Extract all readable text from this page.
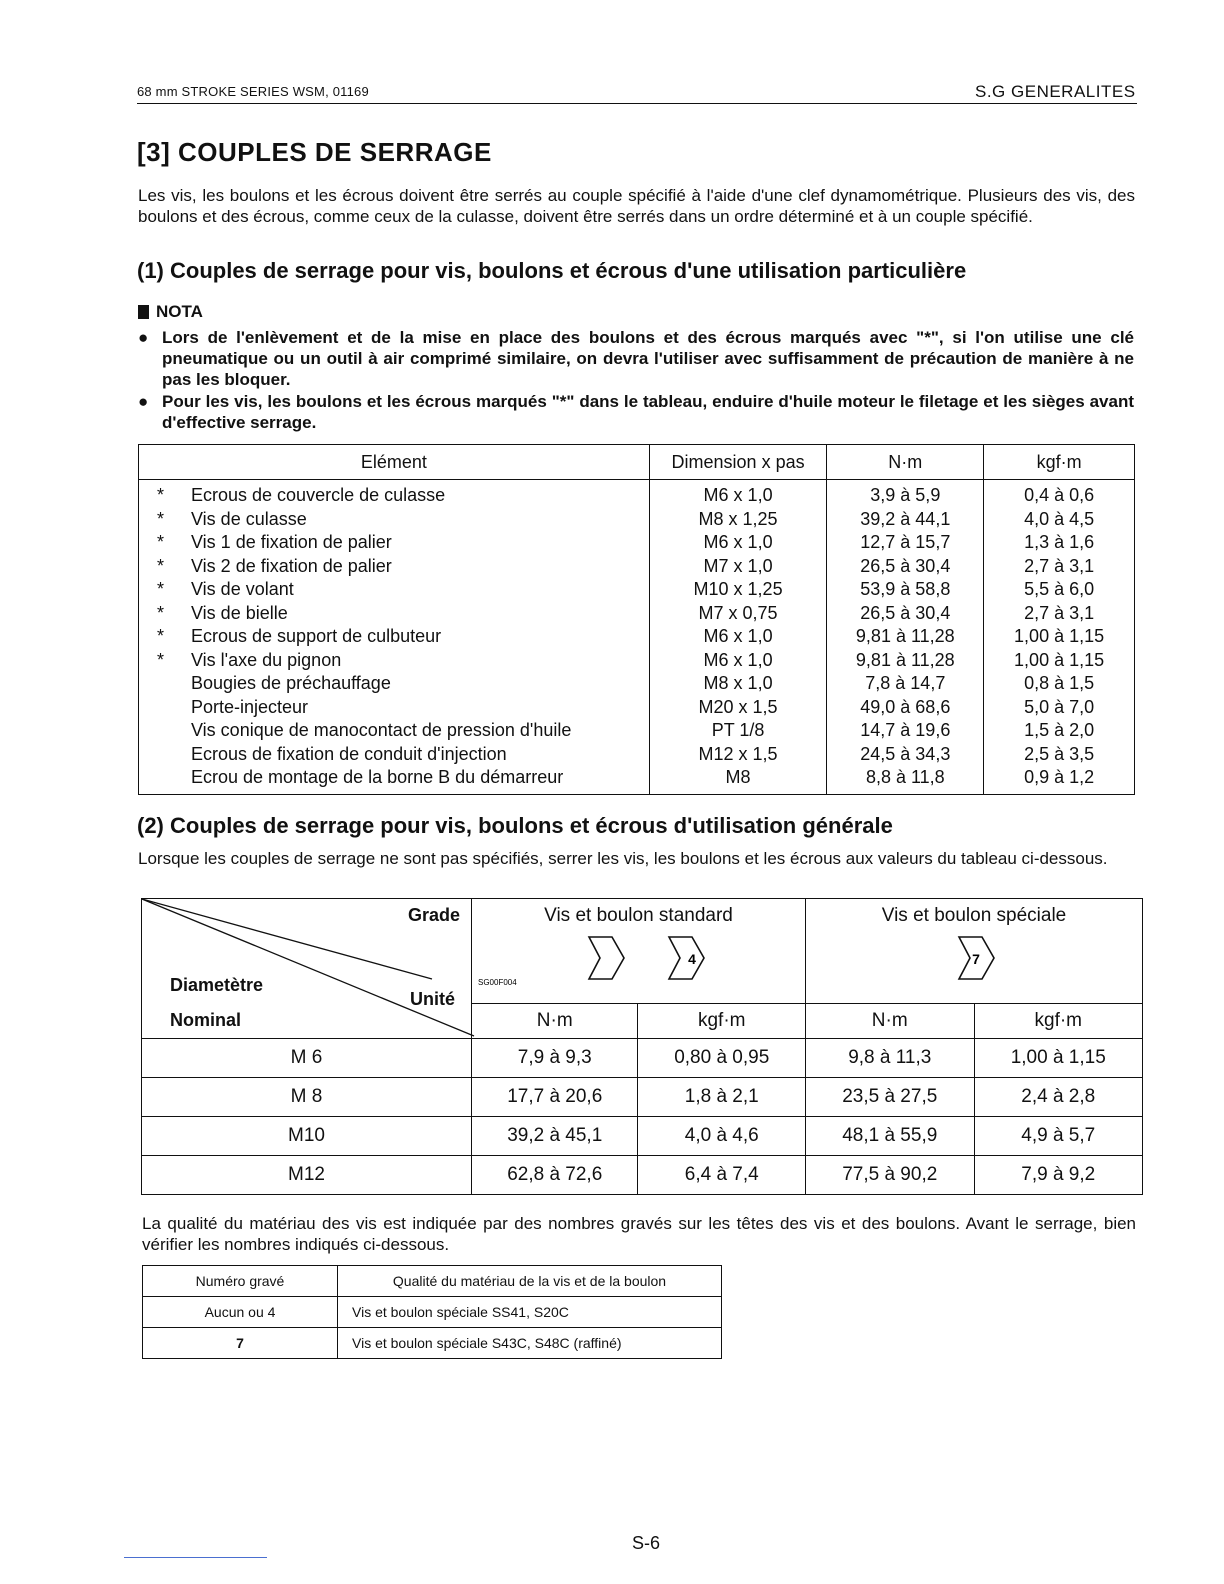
68 mm STROKE SERIES WSM, 01169	S.G GENERALITES
[3] COUPLES DE SERRAGE
Les vis, les boulons et les écrous doivent être serrés au couple spécifié à l'aide d'une clef dynamométrique. Plusieurs des vis, des boulons et des écrous, comme ceux de la culasse, doivent être serrés dans un ordre déterminé et à un couple spécifié.
(1) Couples de serrage pour vis, boulons et écrous d'une utilisation particulière
NOTA
● Lors de l'enlèvement et de la mise en place des boulons et des écrous marqués avec "*", si l'on utilise une clé pneumatique ou un outil à air comprimé similaire, on devra l'utiliser avec suffisamment de précaution de manière à ne pas les bloquer.
● Pour les vis, les boulons et les écrous marqués "*" dans le tableau, enduire d'huile moteur le filetage et les sièges avant d'effective serrage.
Elément	Dimension x pas	N·m	kgf·m

* Ecrous de couvercle de culasse	M6 x 1,0	3,9 à 5,9	0,4 à 0,6

* Vis de culasse	M8 x 1,25	39,2 à 44,1	4,0 à 4,5

* Vis 1 de fixation de palier	M6 x 1,0	12,7 à 15,7	1,3 à 1,6

* Vis 2 de fixation de palier	M7 x 1,0	26,5 à 30,4	2,7 à 3,1

* Vis de volant	M10 x 1,25	53,9 à 58,8	5,5 à 6,0

* Vis de bielle	M7 x 0,75	26,5 à 30,4	2,7 à 3,1

* Ecrous de support de culbuteur	M6 x 1,0	9,81 à 11,28	1,00 à 1,15

* Vis l'axe du pignon	M6 x 1,0	9,81 à 11,28	1,00 à 1,15

Bougies de préchauffage	M8 x 1,0	7,8 à 14,7	0,8 à 1,5

Porte-injecteur	M20 x 1,5	49,0 à 68,6	5,0 à 7,0

Vis conique de manocontact de pression d'huile	PT 1/8	14,7 à 19,6	1,5 à 2,0

Ecrous de fixation de conduit d'injection	M12 x 1,5	24,5 à 34,3	2,5 à 3,5

Ecrou de montage de la borne B du démarreur	M8	8,8 à 11,8	0,9 à 1,2
(2) Couples de serrage pour vis, boulons et écrous d'utilisation générale
Lorsque les couples de serrage ne sont pas spécifiés, serrer les vis, les boulons et les écrous aux valeurs du tableau ci-dessous.
Grade
Unité
Diametètre
Nominal	Vis et boulon standard
4
SG00F004		Vis et boulon spéciale
7	

	N·m	kgf·m	N·m	kgf·m
M 6	7,9 à 9,3	0,80 à 0,95	9,8 à 11,3	1,00 à 1,15
M 8	17,7 à 20,6	1,8 à 2,1	23,5 à 27,5	2,4 à 2,8
M10	39,2 à 45,1	4,0 à 4,6	48,1 à 55,9	4,9 à 5,7
M12	62,8 à 72,6	6,4 à 7,4	77,5 à 90,2	7,9 à 9,2
La qualité du matériau des vis est indiquée par des nombres gravés sur les têtes des vis et des boulons. Avant le serrage, bien vérifier les nombres indiqués ci-dessous.
Numéro gravé	Qualité du matériau de la vis et de la boulon
Aucun ou 4	Vis et boulon spéciale SS41, S20C
7	Vis et boulon spéciale S43C, S48C (raffiné)
S-6
